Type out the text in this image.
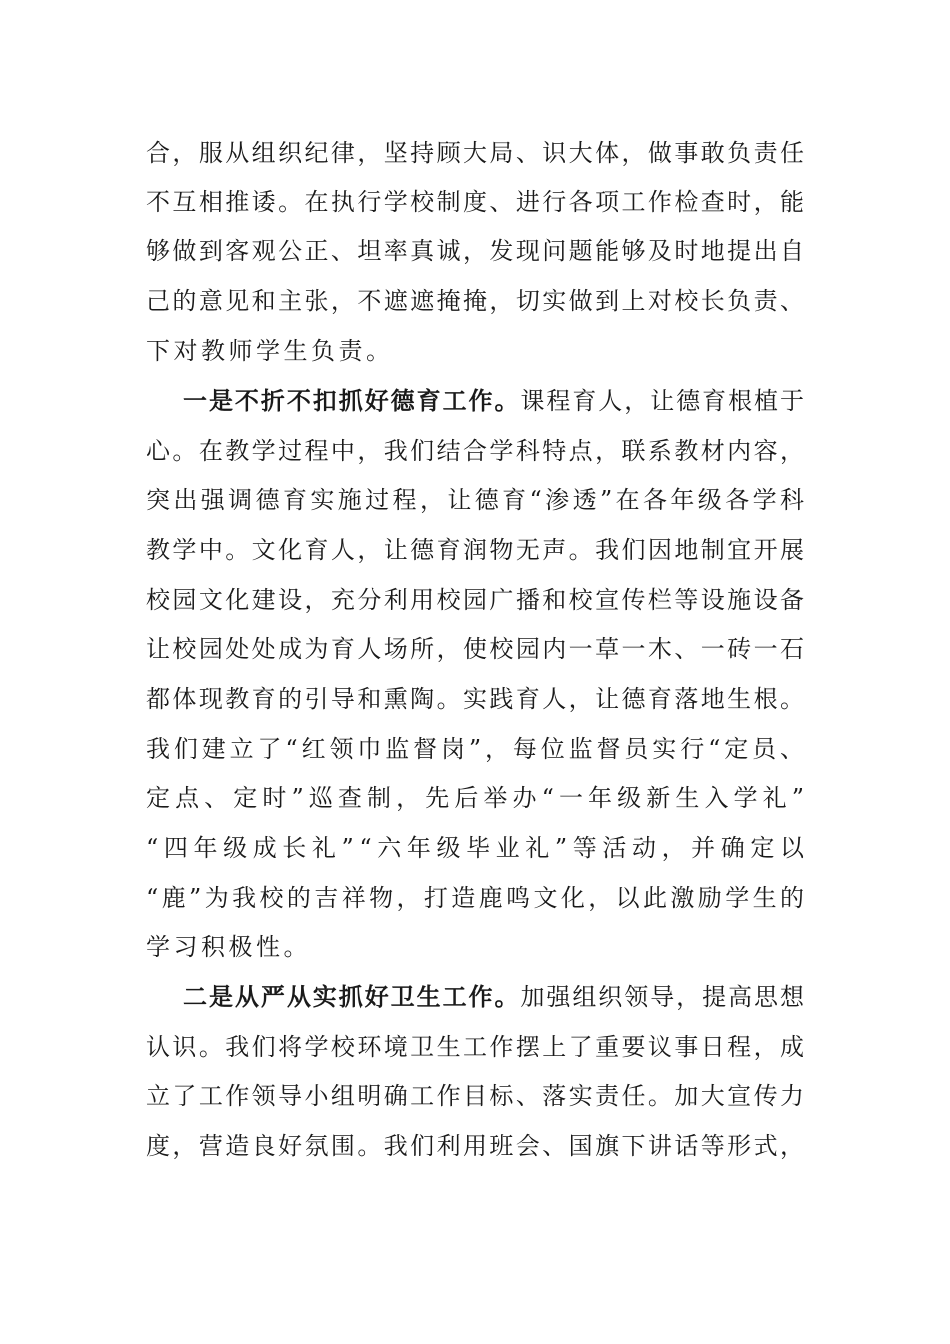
合，服从组织纪律，坚持顾大局、识大体，做事敢负责任
不互相推诿。在执行学校制度、进行各项工作检查时，能
够做到客观公正、坦率真诚，发现问题能够及时地提出自
己的意见和主张，不遮遮掩掩，切实做到上对校长负责、
下对教师学生负责。
一是不折不扣抓好德育工作。课程育人，让德育根植于
心。在教学过程中，我们结合学科特点，联系教材内容，
突出强调德育实施过程，让德育“渗透”在各年级各学科
教学中。文化育人，让德育润物无声。我们因地制宜开展
校园文化建设，充分利用校园广播和校宣传栏等设施设备
让校园处处成为育人场所，使校园内一草一木、一砖一石
都体现教育的引导和熏陶。实践育人，让德育落地生根。
我们建立了“红领巾监督岗”，每位监督员实行“定员、
定点、定时”巡查制，先后举办“一年级新生入学礼”
“四年级成长礼”“六年级毕业礼”等活动，并确定以
“鹿”为我校的吉祥物，打造鹿鸣文化，以此激励学生的
学习积极性。
二是从严从实抓好卫生工作。加强组织领导，提高思想
认识。我们将学校环境卫生工作摆上了重要议事日程，成
立了工作领导小组明确工作目标、落实责任。加大宣传力
度，营造良好氛围。我们利用班会、国旗下讲话等形式，
